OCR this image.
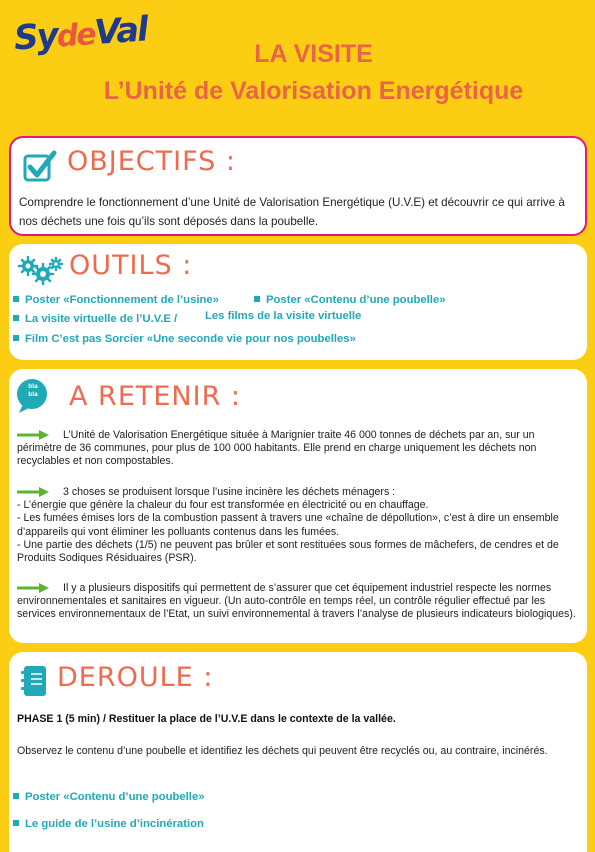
SydeVal
LA VISITE
L’Unité de Valorisation Energétique
OBJECTIFS :
Comprendre le fonctionnement d’une Unité de Valorisation Energétique (U.V.E) et découvrir ce qui arrive à nos déchets une fois qu’ils sont déposés dans la poubelle.
OUTILS :
Poster «Fonctionnement de l’usine»	Poster «Contenu d’une poubelle»
La visite virtuelle de l’U.V.E / Les films de la visite virtuelle
Film C’est pas Sorcier «Une seconde vie pour nos poubelles»
bla bla A RETENIR :
L’Unité de Valorisation Energétique située à Marignier traite 46 000 tonnes de déchets par an, sur un périmètre de 36 communes, pour plus de 100 000 habitants. Elle prend en charge uniquement les déchets non recyclables et non compostables.
3 choses se produisent lorsque l’usine incinère les déchets ménagers :
- L’énergie que génère la chaleur du four est transformée en électricité ou en chauffage.
- Les fumées émises lors de la combustion passent à travers une «chaîne de dépollution», c’est à dire un ensemble d’appareils qui vont éliminer les polluants contenus dans les fumées.
- Une partie des déchets (1/5) ne peuvent pas brûler et sont restituées sous formes de mâchefers, de cendres et de Produits Sodiques Résiduaires (PSR).
Il y a plusieurs dispositifs qui permettent de s’assurer que cet équipement industriel respecte les normes environnementales et sanitaires en vigueur. (Un auto-contrôle en temps réel, un contrôle régulier effectué par les services environnementaux de l’Etat, un suivi environnemental à travers l’analyse de plusieurs indicateurs biologiques).
DEROULE :
PHASE 1 (5 min) / Restituer la place de l’U.V.E dans le contexte de la vallée.
Observez le contenu d’une poubelle et identifiez les déchets qui peuvent être recyclés ou, au contraire, incinérés.
Poster «Contenu d’une poubelle»
Le guide de l’usine d’incinération
